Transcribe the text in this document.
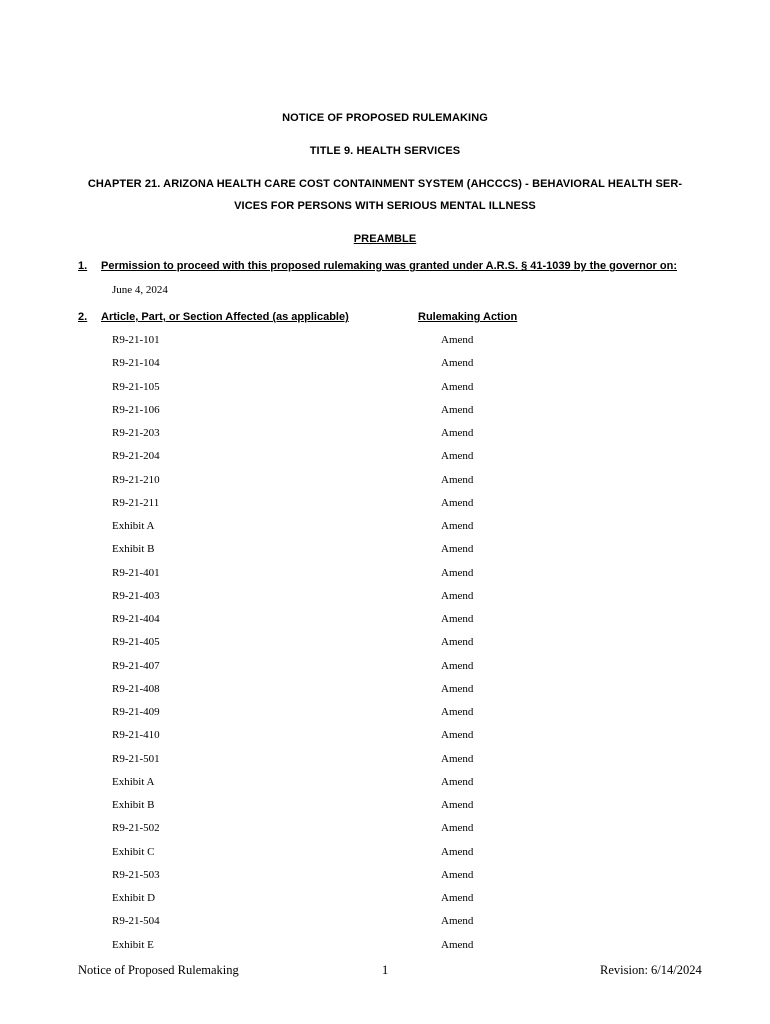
NOTICE OF PROPOSED RULEMAKING
TITLE 9. HEALTH SERVICES
CHAPTER 21. ARIZONA HEALTH CARE COST CONTAINMENT SYSTEM (AHCCCS) - BEHAVIORAL HEALTH SER-
VICES FOR PERSONS WITH SERIOUS MENTAL ILLNESS
PREAMBLE
1. Permission to proceed with this proposed rulemaking was granted under A.R.S. § 41-1039 by the governor on:
June 4, 2024
2. Article, Part, or Section Affected (as applicable)	Rulemaking Action
R9-21-101	Amend
R9-21-104	Amend
R9-21-105	Amend
R9-21-106	Amend
R9-21-203	Amend
R9-21-204	Amend
R9-21-210	Amend
R9-21-211	Amend
Exhibit A	Amend
Exhibit B	Amend
R9-21-401	Amend
R9-21-403	Amend
R9-21-404	Amend
R9-21-405	Amend
R9-21-407	Amend
R9-21-408	Amend
R9-21-409	Amend
R9-21-410	Amend
R9-21-501	Amend
Exhibit A	Amend
Exhibit B	Amend
R9-21-502	Amend
Exhibit C	Amend
R9-21-503	Amend
Exhibit D	Amend
R9-21-504	Amend
Exhibit E	Amend
Notice of Proposed Rulemaking	1	Revision: 6/14/2024
